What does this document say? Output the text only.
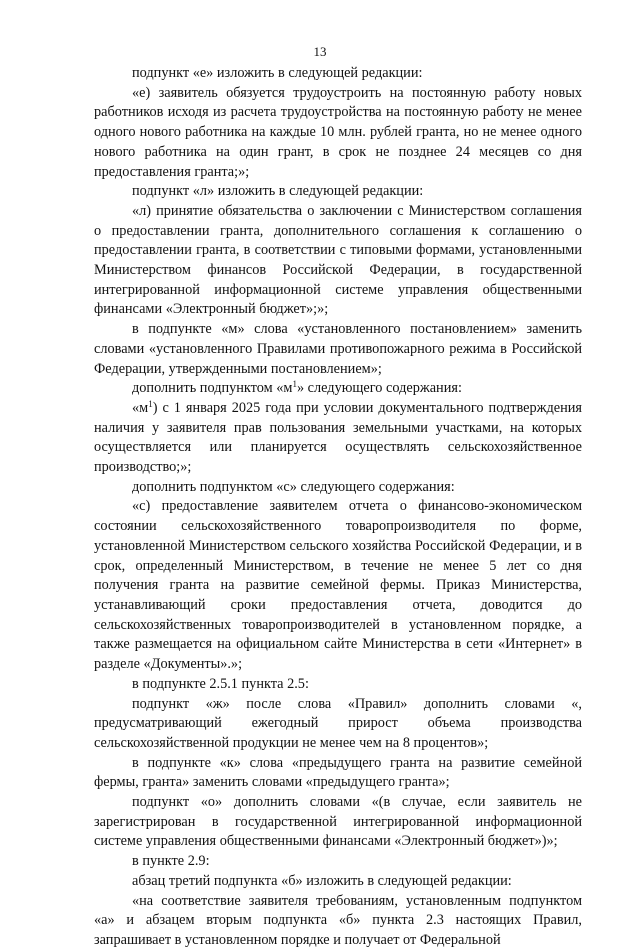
13

подпункт «е» изложить в следующей редакции:

«е) заявитель обязуется трудоустроить на постоянную работу новых работников исходя из расчета трудоустройства на постоянную работу не менее одного нового работника на каждые 10 млн. рублей гранта, но не менее одного нового работника на один грант, в срок не позднее 24 месяцев со дня предоставления гранта;»;

подпункт «л» изложить в следующей редакции:

«л) принятие обязательства о заключении с Министерством соглашения о предоставлении гранта, дополнительного соглашения к соглашению о предоставлении гранта, в соответствии с типовыми формами, установленными Министерством финансов Российской Федерации, в государственной интегрированной информационной системе управления общественными финансами «Электронный бюджет»;»;

в подпункте «м» слова «установленного постановлением» заменить словами «установленного Правилами противопожарного режима в Российской Федерации, утвержденными постановлением»;

дополнить подпунктом «$м^1$» следующего содержания:

«$м^1$) с 1 января 2025 года при условии документального подтверждения наличия у заявителя прав пользования земельными участками, на которых осуществляется или планируется осуществлять сельскохозяйственное производство;»;

дополнить подпунктом «с» следующего содержания:

«с) предоставление заявителем отчета о финансово-экономическом состоянии сельскохозяйственного товаропроизводителя по форме, установленной Министерством сельского хозяйства Российской Федерации, и в срок, определенный Министерством, в течение не менее 5 лет со дня получения гранта на развитие семейной фермы. Приказ Министерства, устанавливающий сроки предоставления отчета, доводится до сельскохозяйственных товаропроизводителей в установленном порядке, а также размещается на официальном сайте Министерства в сети «Интернет» в разделе «Документы».»;

в подпункте 2.5.1 пункта 2.5:

подпункт «ж» после слова «Правил» дополнить словами «, предусматривающий ежегодный прирост объема производства сельскохозяйственной продукции не менее чем на 8 процентов»;

в подпункте «к» слова «предыдущего гранта на развитие семейной фермы, гранта» заменить словами «предыдущего гранта»;

подпункт «о» дополнить словами «(в случае, если заявитель не зарегистрирован в государственной интегрированной информационной системе управления общественными финансами «Электронный бюджет»)»;

в пункте 2.9:

абзац третий подпункта «б» изложить в следующей редакции:

«на соответствие заявителя требованиям, установленным подпунктом «а» и абзацем вторым подпункта «б» пункта 2.3 настоящих Правил, запрашивает в установленном порядке и получает от Федеральной
